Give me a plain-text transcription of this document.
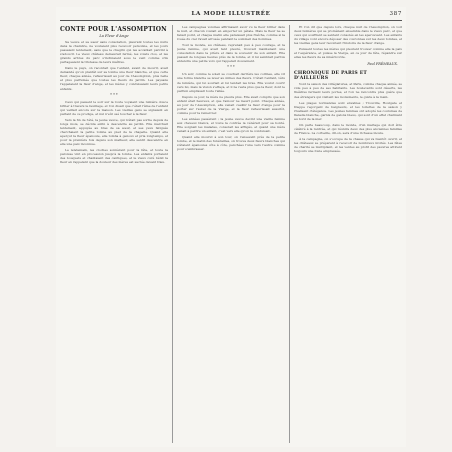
LA MODE ILLUSTRÉE	387
CONTE POUR L'ASSOMPTION
La Fleur d'Ange

Sa veuve et sa sœur sans consolation, pleurant toutes les nuits dans la chambre, ne voulaient plus recevoir personne, et les jours passaient lentement, sans que le chagrin qui les accablait parvint à s'adoucir. Le vieux château demeurait fermé, les volets clos, et les grands arbres du parc s'inclinaient sous le vent comme s'ils partageaient la tristesse de leurs maîtres.

Dans le pays, on racontait que l'enfant, avant de mourir, avait demandé qu'on plantât sur sa tombe une fleur blanche, et que cette fleur, chaque année, refleurissait au jour de l'Assomption, plus belle et plus parfumée que toutes les fleurs du jardin. Les paysans l'appelaient la fleur d'ange, et les mères y conduisaient leurs petits enfants.

* * *

Ceux qui passent le soir sur la route voyaient une lumière douce briller à travers le feuillage, et l'on disait que c'était l'âme de l'enfant qui veillait encore sur la maison. Les vieilles gens se signaient en parlant de ce prodige, et nul n'eût osé toucher à la fleur.

Vers la fin de l'été, la jeune veuve, qui n'était pas sortie depuis de longs mois, se décida enfin à descendre au jardin. Elle marchait lentement, appuyée au bras de sa sœur, et ses yeux fatigués cherchaient la petite tombe au pied de la chapelle. Quand elle aperçut la fleur épanouie, elle tomba à genoux et pria longtemps, et pour la première fois depuis son malheur, elle sentit descendre en elle une paix inconnue.

Le lendemain, les cloches sonnèrent pour la fête, et toute la paroisse vint en procession jusqu'à la tombe. Les enfants portaient des bouquets et chantaient des cantiques, et le vieux curé bénit la fleur en rappelant que la douleur des mères est sacrée devant Dieu.

Les campagnes voisines affirmaient avoir vu la fleur briller dans la nuit, et chacun voulait en emporter un pétale. Mais la fleur ne se fanait point, et chaque matin elle paraissait plus fraîche, comme si la rosée du ciel l'avait arrosée pendant le sommeil des hommes.

Tout le monde, au château, reprenait peu à peu courage, et la jeune femme, qui avait tant pleuré, trouvait maintenant une consolation dans la prière et dans le souvenir de son enfant. Elle passait de longues heures près de la tombe, et il lui semblait parfois entendre une petite voix qui l'appelait doucement.

* * *

Un soir, comme le soleil se couchait derrière les collines, elle vit une forme blanche se lever au milieu des fleurs. C'était l'enfant, vêtu de lumière, qui lui souriait et lui tendait les bras. Elle voulut courir vers lui, mais la vision s'effaça, et il ne resta plus que la fleur, dont le parfum emplissait toute l'allée.

Depuis ce jour, la mère ne pleura plus. Elle avait compris que son enfant était heureux, et que l'amour ne meurt point. Chaque année, au jour de l'Assomption, elle venait cueillir la fleur d'ange pour la porter sur l'autel de la Vierge, et la fleur refleurissait aussitôt, comme pour la remercier.

Les années passèrent ; la jeune veuve devint une vieille femme aux cheveux blancs, et toute la contrée la vénérait pour sa bonté. Elle soignait les malades, consolait les affligés, et quand une mère venait à perdre un enfant, c'est vers elle qu'on la conduisait.

Quand elle mourut à son tour, on l'ensevelit près de la petite tombe, et le matin des funérailles, on trouva deux fleurs blanches qui s'étaient épanouies côte à côte, penchées l'une vers l'autre comme pour s'embrasser.

Et l'on dit que depuis lors, chaque nuit de l'Assomption, on voit deux lumières qui se promènent ensemble dans le vieux parc, et que ceux qui souffrent se sentent consolés en les apercevant. Les enfants du village vont encore déposer des couronnes sur les deux tombes, et les vieilles gens leur racontent l'histoire de la fleur d'ange.

Puissent toutes les mères qui pleurent trouver comme elle la paix et l'espérance, et puisse la Vierge, en ce jour de fête, répandre sur elles les fleurs de sa miséricorde.

Paul FRÉMEAUX.
CHRONIQUE DE PARIS ET D'AILLEURS

Voici la saison des villégiatures, et Paris, comme chaque année, se vide peu à peu de ses habitants. Les boulevards sont déserts, les théâtres ferment leurs portes, et l'on ne rencontre plus guère que des étrangers qui visitent les monuments, le guide à la main.

Les plages normandes sont envahies ; Trouville, Houlgate et Dieppe regorgent de baigneurs, et les toilettes de la saison y rivalisent d'élégance. Les jeunes femmes ont adopté les costumes de flanelle blanche, garnis de galons bleus, qui sont d'un effet charmant au bord de la mer.

On parle beaucoup, dans le monde, d'un mariage qui doit être célébré à la rentrée, et qui réunira deux des plus anciennes familles de France. La corbeille, dit-on, sera d'une richesse inouïe.

À la campagne, on s'occupe de la chasse qui va bientôt ouvrir, et les châteaux se préparent à recevoir de nombreux invités. Les fêtes de charité se multiplient, et les ventes au profit des pauvres attirent toujours une foule empressée.
